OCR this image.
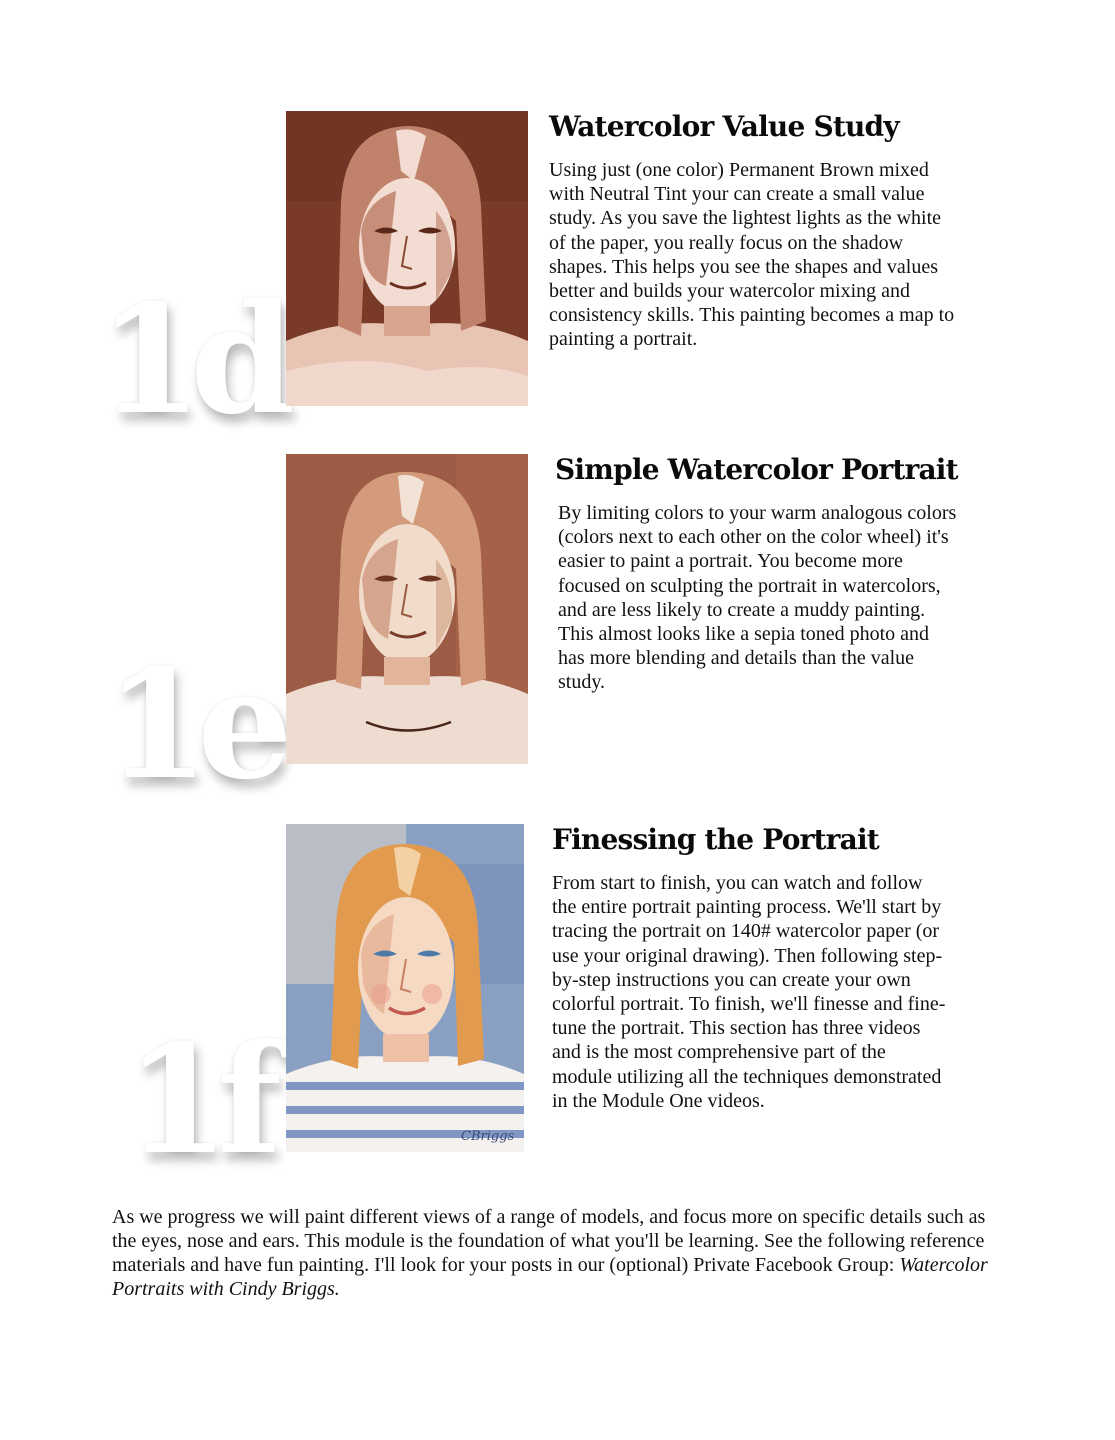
1d
Watercolor Value Study

Using just (one color) Permanent Brown mixed with Neutral Tint your can create a small value study. As you save the lightest lights as the white of the paper, you really focus on the shadow shapes. This helps you see the shapes and values better and builds your watercolor mixing and consistency skills. This painting becomes a map to painting a portrait.

1e
Simple Watercolor Portrait

By limiting colors to your warm analogous colors (colors next to each other on the color wheel) it's easier to paint a portrait. You become more focused on sculpting the portrait in watercolors, and are less likely to create a muddy painting. This almost looks like a sepia toned photo and has more blending and details than the value study.

1f	CBriggs
Finessing the Portrait

From start to finish, you can watch and follow the entire portrait painting process. We'll start by tracing the portrait on 140# watercolor paper (or use your original drawing). Then following step-by-step instructions you can create your own colorful portrait. To finish, we'll finesse and fine-tune the portrait. This section has three videos and is the most comprehensive part of the module utilizing all the techniques demonstrated in the Module One videos.

As we progress we will paint different views of a range of models, and focus more on specific details such as the eyes, nose and ears. This module is the foundation of what you'll be learning. See the following reference materials and have fun painting. I'll look for your posts in our (optional) Private Facebook Group: Watercolor Portraits with Cindy Briggs.
